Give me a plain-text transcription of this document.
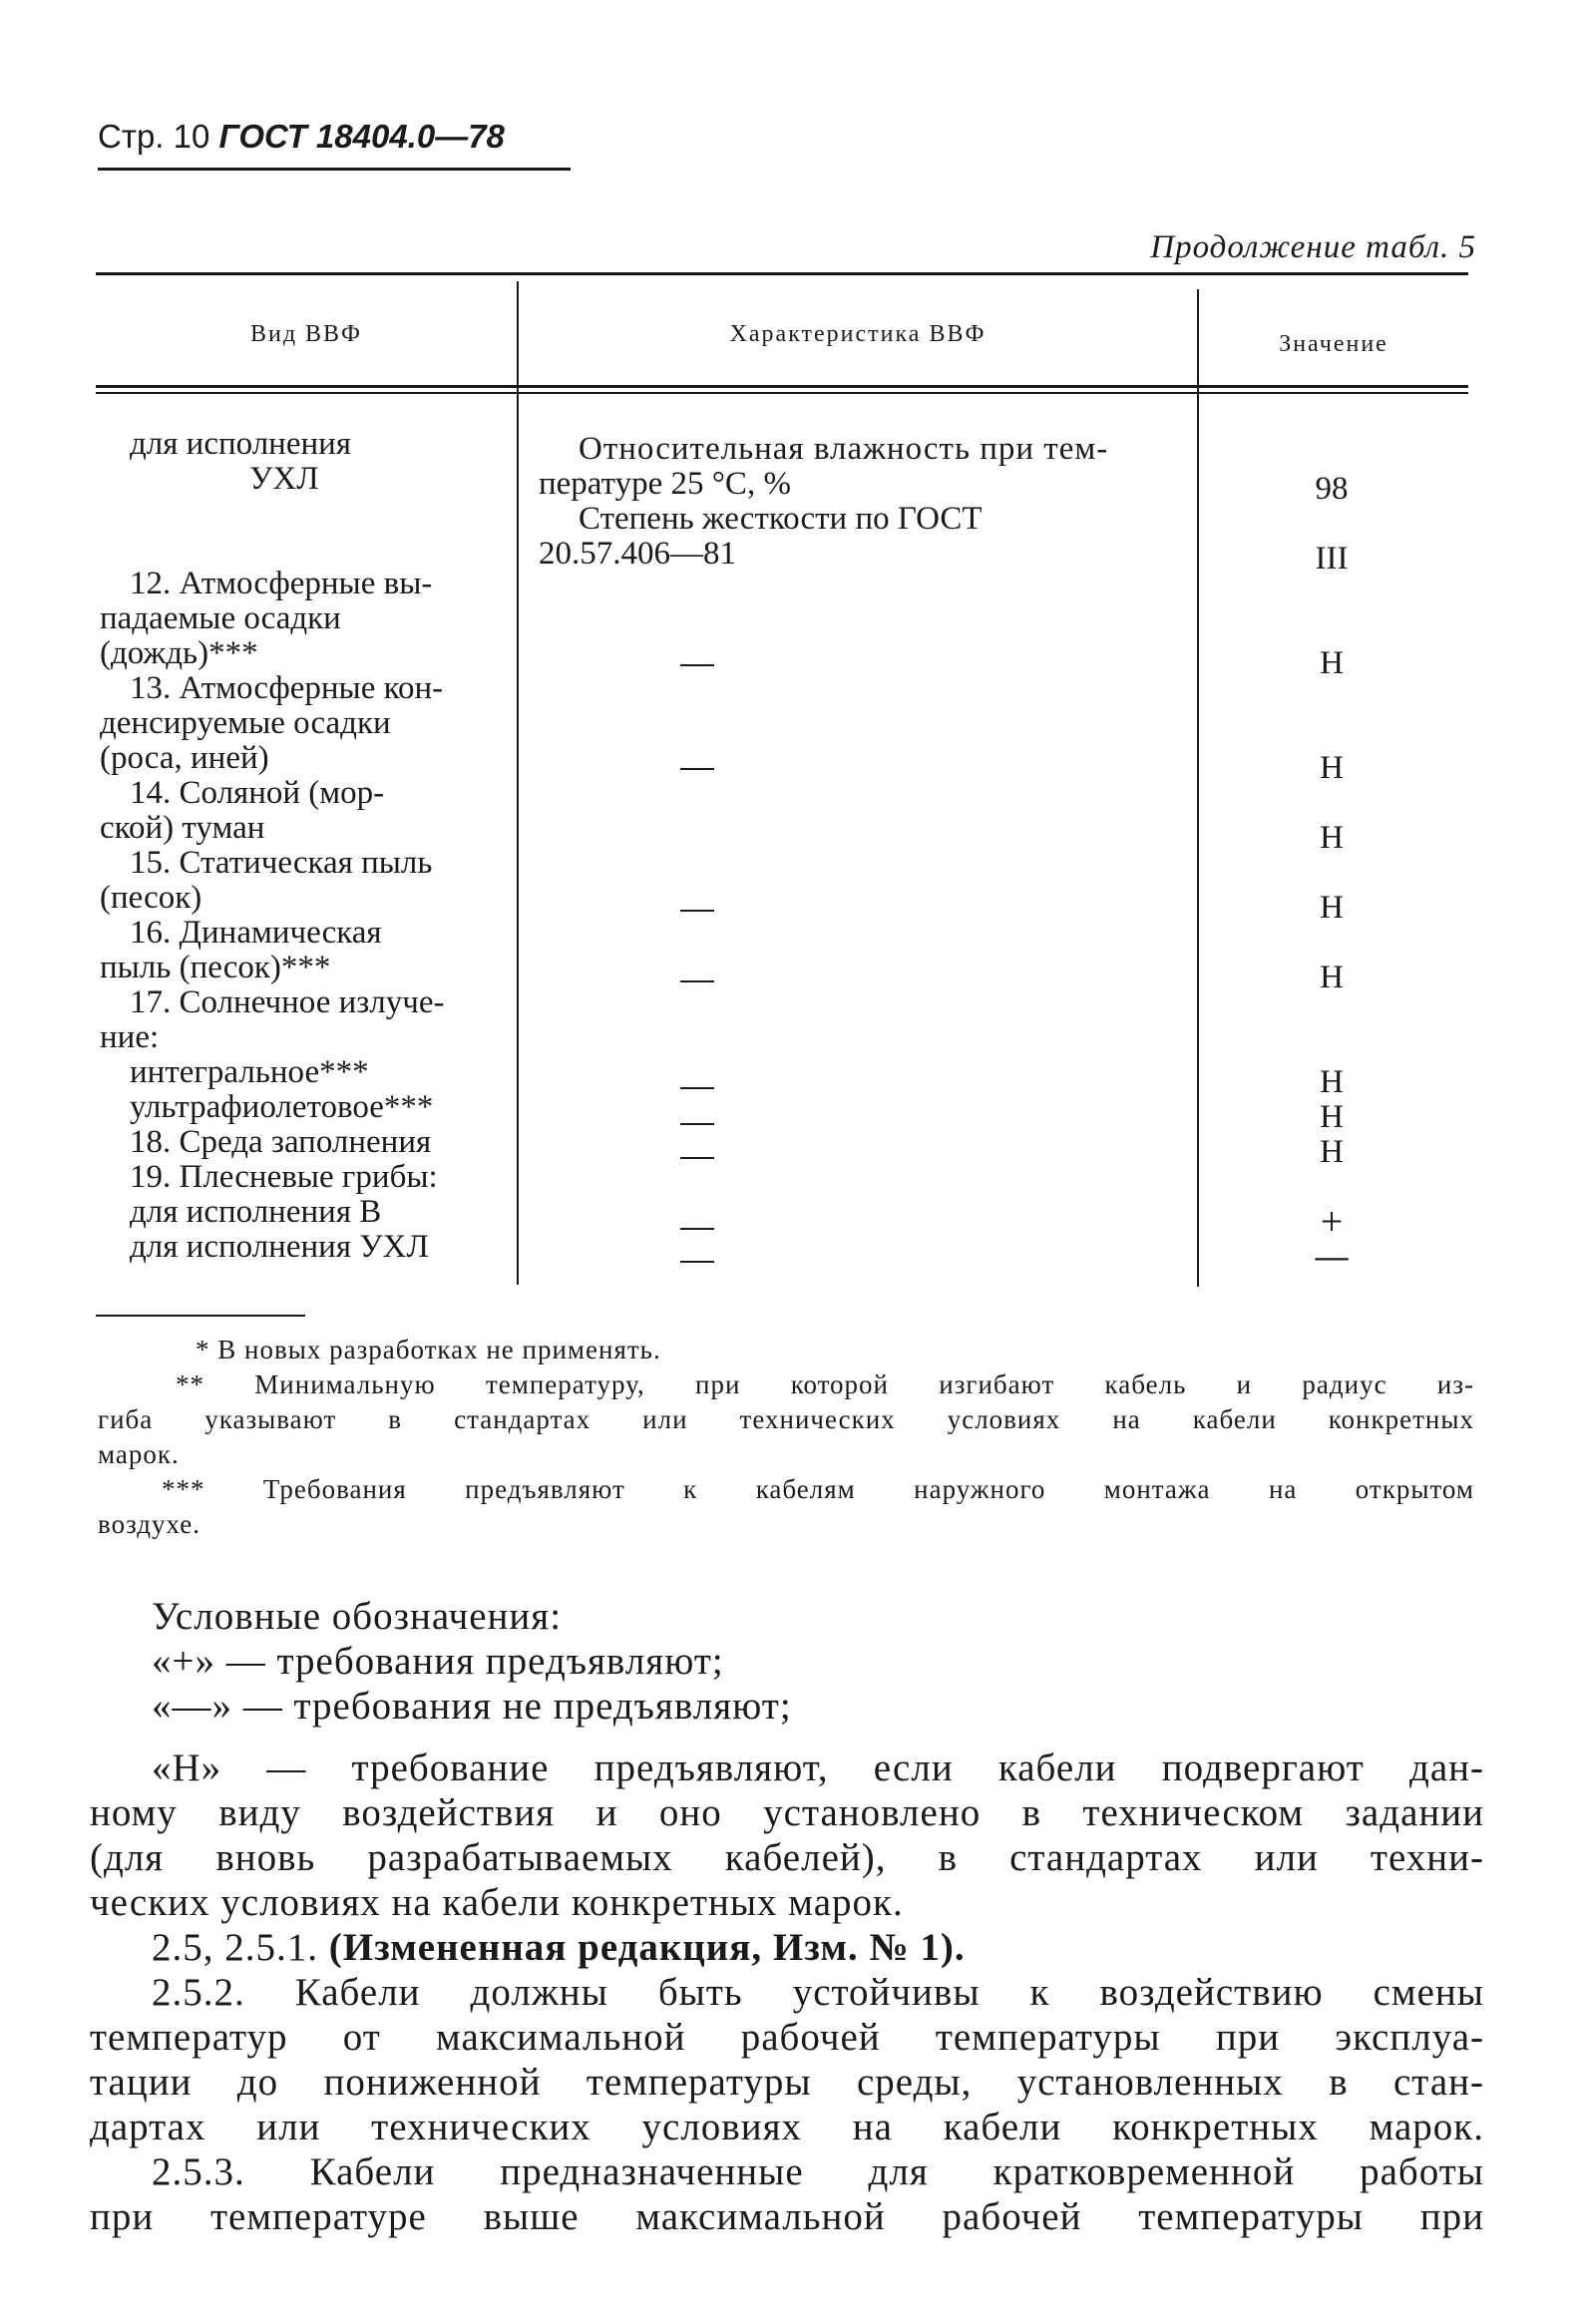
Стр. 10 ГОСТ 18404.0—78
Продолжение табл. 5
Вид ВВФ	Характеристика ВВФ	Значение
для исполнения
УХЛ
12. Атмосферные вы-
падаемые осадки
(дождь)***
13. Атмосферные кон-
денсируемые осадки
(роса, иней)
14. Соляной (мор-
ской) туман
15. Статическая пыль
(песок)
16. Динамическая
пыль (песок)***
17. Солнечное излуче-
ние:
интегральное***
ультрафиолетовое***
18. Среда заполнения
19. Плесневые грибы:
для исполнения В
для исполнения УХЛ
Относительная влажность при тем-
пературе 25 °C, %
Степень жесткости по ГОСТ
20.57.406—81
98
III
Н
Н
Н
Н
Н
Н
Н
Н
+
—
* В новых разработках не применять.
** Минимальную температуру, при которой изгибают кабель и радиус из-
гиба указывают в стандартах или технических условиях на кабели конкретных
марок.
*** Требования предъявляют к кабелям наружного монтажа на открытом
воздухе.
Условные обозначения:
«+» — требования предъявляют;
«—» — требования не предъявляют;
«Н» — требование предъявляют, если кабели подвергают дан-
ному виду воздействия и оно установлено в техническом задании
(для вновь разрабатываемых кабелей), в стандартах или техни-
ческих условиях на кабели конкретных марок.
2.5, 2.5.1. (Измененная редакция, Изм. № 1).
2.5.2. Кабели должны быть устойчивы к воздействию смены
температур от максимальной рабочей температуры при эксплуа-
тации до пониженной температуры среды, установленных в стан-
дартах или технических условиях на кабели конкретных марок.
2.5.3. Кабели предназначенные для кратковременной работы
при температуре выше максимальной рабочей температуры при
